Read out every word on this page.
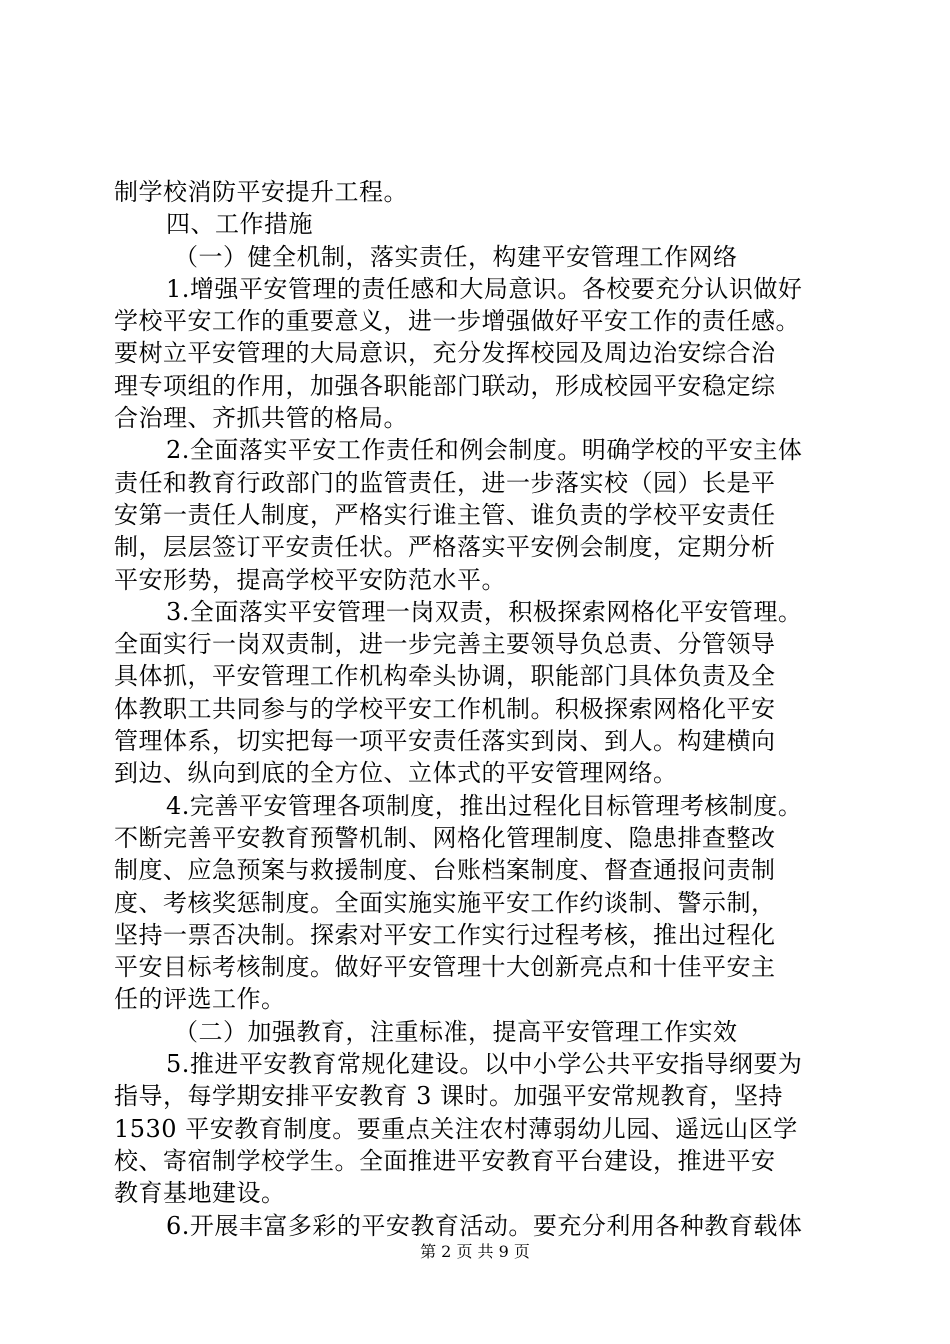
制学校消防平安提升工程。
四、工作措施
（一）健全机制，落实责任，构建平安管理工作网络
1.增强平安管理的责任感和大局意识。各校要充分认识做好
学校平安工作的重要意义，进一步增强做好平安工作的责任感。
要树立平安管理的大局意识，充分发挥校园及周边治安综合治
理专项组的作用，加强各职能部门联动，形成校园平安稳定综
合治理、齐抓共管的格局。
2.全面落实平安工作责任和例会制度。明确学校的平安主体
责任和教育行政部门的监管责任，进一步落实校（园）长是平
安第一责任人制度，严格实行谁主管、谁负责的学校平安责任
制，层层签订平安责任状。严格落实平安例会制度，定期分析
平安形势，提高学校平安防范水平。
3.全面落实平安管理一岗双责，积极探索网格化平安管理。
全面实行一岗双责制，进一步完善主要领导负总责、分管领导
具体抓，平安管理工作机构牵头协调，职能部门具体负责及全
体教职工共同参与的学校平安工作机制。积极探索网格化平安
管理体系，切实把每一项平安责任落实到岗、到人。构建横向
到边、纵向到底的全方位、立体式的平安管理网络。
4.完善平安管理各项制度，推出过程化目标管理考核制度。
不断完善平安教育预警机制、网格化管理制度、隐患排查整改
制度、应急预案与救援制度、台账档案制度、督查通报问责制
度、考核奖惩制度。全面实施实施平安工作约谈制、警示制，
坚持一票否决制。探索对平安工作实行过程考核，推出过程化
平安目标考核制度。做好平安管理十大创新亮点和十佳平安主
任的评选工作。
（二）加强教育，注重标准，提高平安管理工作实效
5.推进平安教育常规化建设。以中小学公共平安指导纲要为
指导，每学期安排平安教育 3 课时。加强平安常规教育，坚持
1530 平安教育制度。要重点关注农村薄弱幼儿园、遥远山区学
校、寄宿制学校学生。全面推进平安教育平台建设，推进平安
教育基地建设。
6.开展丰富多彩的平安教育活动。要充分利用各种教育载体
第 2 页 共 9 页
